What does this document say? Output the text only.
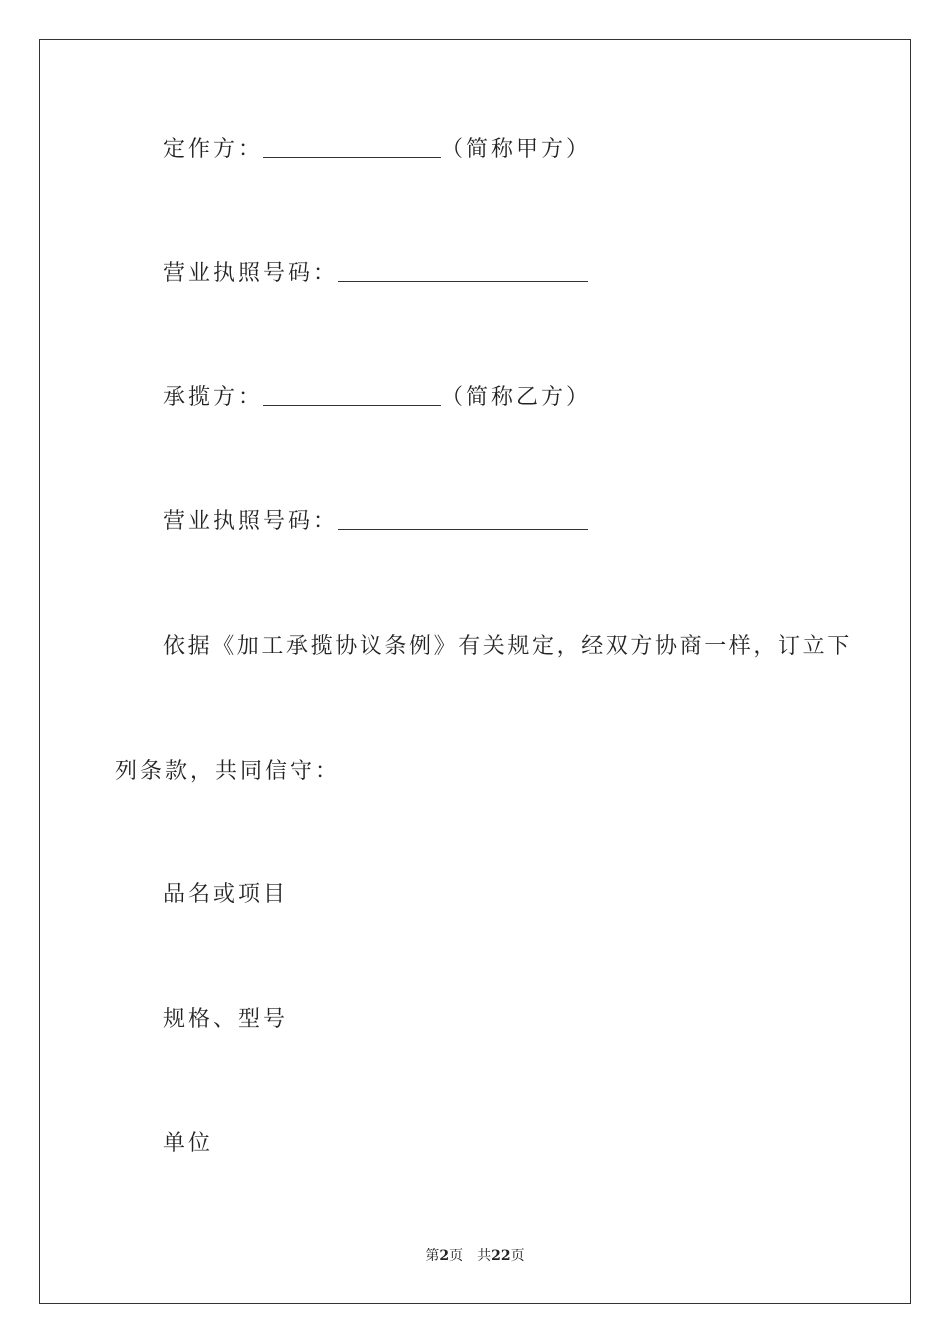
定作方：	（简称甲方）
营业执照号码：
承揽方：	（简称乙方）
营业执照号码：
依据《加工承揽协议条例》有关规定，经双方协商一样，订立下
列条款，共同信守：
品名或项目
规格、型号
单位
第2页 共22页
